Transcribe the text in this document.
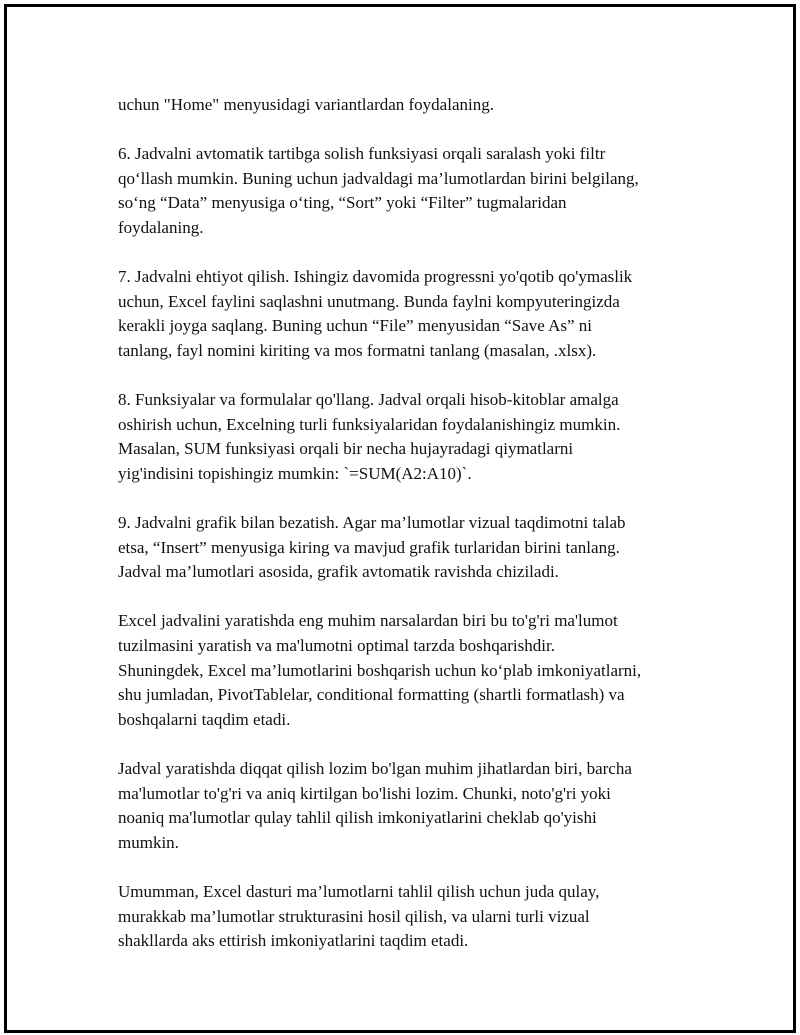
uchun "Home" menyusidagi variantlardan foydalaning.

6. Jadvalni avtomatik tartibga solish funksiyasi orqali saralash yoki filtr
qo‘llash mumkin. Buning uchun jadvaldagi ma’lumotlardan birini belgilang,
so‘ng “Data” menyusiga o‘ting, “Sort” yoki “Filter” tugmalaridan
foydalaning.

7. Jadvalni ehtiyot qilish. Ishingiz davomida progressni yo'qotib qo'ymaslik
uchun, Excel faylini saqlashni unutmang. Bunda faylni kompyuteringizda
kerakli joyga saqlang. Buning uchun “File” menyusidan “Save As” ni
tanlang, fayl nomini kiriting va mos formatni tanlang (masalan, .xlsx).

8. Funksiyalar va formulalar qo'llang. Jadval orqali hisob-kitoblar amalga
oshirish uchun, Excelning turli funksiyalaridan foydalanishingiz mumkin.
Masalan, SUM funksiyasi orqali bir necha hujayradagi qiymatlarni
yig'indisini topishingiz mumkin: `=SUM(A2:A10)`.

9. Jadvalni grafik bilan bezatish. Agar ma’lumotlar vizual taqdimotni talab
etsa, “Insert” menyusiga kiring va mavjud grafik turlaridan birini tanlang.
Jadval ma’lumotlari asosida, grafik avtomatik ravishda chiziladi.

Excel jadvalini yaratishda eng muhim narsalardan biri bu to'g'ri ma'lumot
tuzilmasini yaratish va ma'lumotni optimal tarzda boshqarishdir.
Shuningdek, Excel ma’lumotlarini boshqarish uchun ko‘plab imkoniyatlarni,
shu jumladan, PivotTablelar, conditional formatting (shartli formatlash) va
boshqalarni taqdim etadi.

Jadval yaratishda diqqat qilish lozim bo'lgan muhim jihatlardan biri, barcha
ma'lumotlar to'g'ri va aniq kirtilgan bo'lishi lozim. Chunki, noto'g'ri yoki
noaniq ma'lumotlar qulay tahlil qilish imkoniyatlarini cheklab qo'yishi
mumkin.

Umumman, Excel dasturi ma’lumotlarni tahlil qilish uchun juda qulay,
murakkab ma’lumotlar strukturasini hosil qilish, va ularni turli vizual
shakllarda aks ettirish imkoniyatlarini taqdim etadi.
